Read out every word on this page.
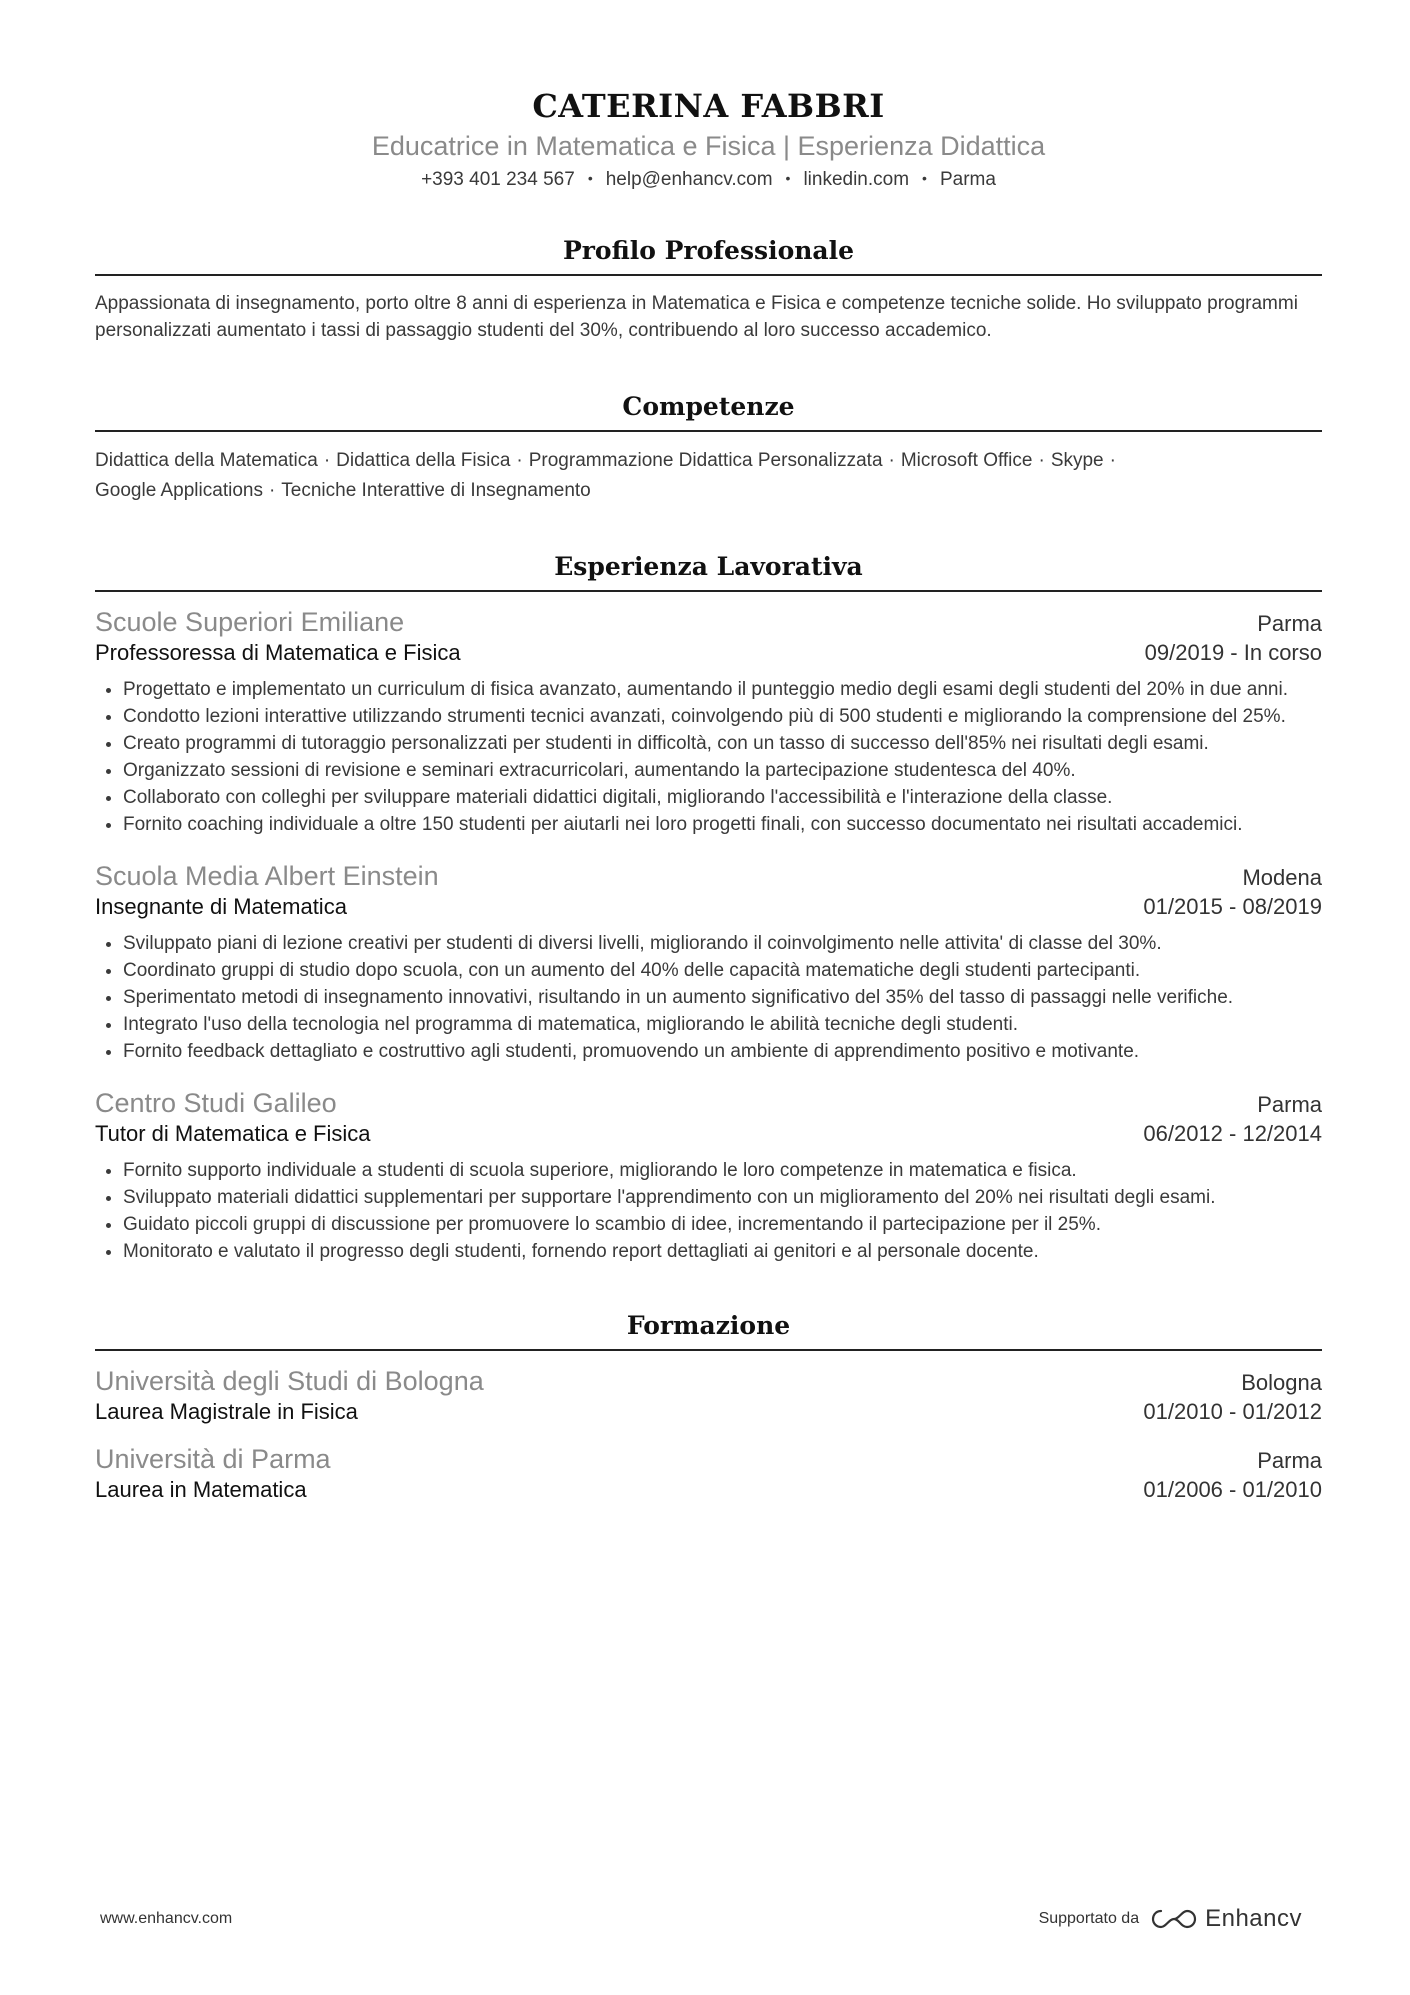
CATERINA FABBRI
Educatrice in Matematica e Fisica | Esperienza Didattica
+393 401 234 567 • help@enhancv.com • linkedin.com • Parma
Profilo Professionale

Appassionata di insegnamento, porto oltre 8 anni di esperienza in Matematica e Fisica e competenze tecniche solide. Ho sviluppato programmi personalizzati aumentato i tassi di passaggio studenti del 30%, contribuendo al loro successo accademico.

Competenze
Didattica della Matematica · Didattica della Fisica · Programmazione Didattica Personalizzata · Microsoft Office · Skype ·
Google Applications · Tecniche Interattive di Insegnamento
Esperienza Lavorativa
Scuole Superiori Emiliane	Parma
Professoressa di Matematica e Fisica	09/2019 - In corso
• Progettato e implementato un curriculum di fisica avanzato, aumentando il punteggio medio degli esami degli studenti del 20% in due anni.
• Condotto lezioni interattive utilizzando strumenti tecnici avanzati, coinvolgendo più di 500 studenti e migliorando la comprensione del 25%.
• Creato programmi di tutoraggio personalizzati per studenti in difficoltà, con un tasso di successo dell'85% nei risultati degli esami.
• Organizzato sessioni di revisione e seminari extracurricolari, aumentando la partecipazione studentesca del 40%.
• Collaborato con colleghi per sviluppare materiali didattici digitali, migliorando l'accessibilità e l'interazione della classe.
• Fornito coaching individuale a oltre 150 studenti per aiutarli nei loro progetti finali, con successo documentato nei risultati accademici.
Scuola Media Albert Einstein	Modena
Insegnante di Matematica	01/2015 - 08/2019
• Sviluppato piani di lezione creativi per studenti di diversi livelli, migliorando il coinvolgimento nelle attivita' di classe del 30%.
• Coordinato gruppi di studio dopo scuola, con un aumento del 40% delle capacità matematiche degli studenti partecipanti.
• Sperimentato metodi di insegnamento innovativi, risultando in un aumento significativo del 35% del tasso di passaggi nelle verifiche.
• Integrato l'uso della tecnologia nel programma di matematica, migliorando le abilità tecniche degli studenti.
• Fornito feedback dettagliato e costruttivo agli studenti, promuovendo un ambiente di apprendimento positivo e motivante.
Centro Studi Galileo	Parma
Tutor di Matematica e Fisica	06/2012 - 12/2014
• Fornito supporto individuale a studenti di scuola superiore, migliorando le loro competenze in matematica e fisica.
• Sviluppato materiali didattici supplementari per supportare l'apprendimento con un miglioramento del 20% nei risultati degli esami.
• Guidato piccoli gruppi di discussione per promuovere lo scambio di idee, incrementando il partecipazione per il 25%.
• Monitorato e valutato il progresso degli studenti, fornendo report dettagliati ai genitori e al personale docente.
Formazione
Università degli Studi di Bologna	Bologna
Laurea Magistrale in Fisica	01/2010 - 01/2012
Università di Parma	Parma
Laurea in Matematica	01/2006 - 01/2010
www.enhancv.com	Supportato da	Enhancv
